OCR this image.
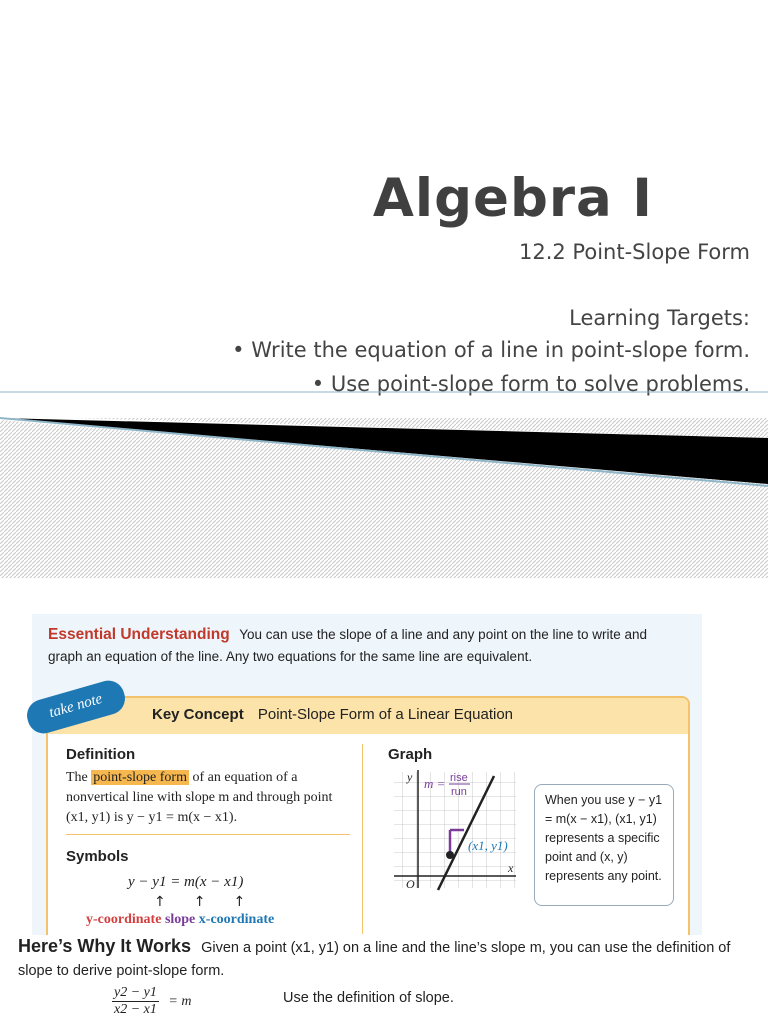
Algebra I
12.2 Point-Slope Form
Learning Targets:
• Write the equation of a line in point-slope form.
• Use point-slope form to solve problems.
Essential Understanding You can use the slope of a line and any point on the line to write and graph an equation of the line. Any two equations for the same line are equivalent.
Key Concept Point-Slope Form of a Linear Equation
take note
Definition
The point-slope form of an equation of a nonvertical line with slope m and through point (x1, y1) is y − y1 = m(x − x1).
Symbols
y − y1 = m(x − x1)
↑↑↑
y-coordinate slope x-coordinate
Graph
m = rise
run
(x1, y1)
x
y
O
When you use y − y1 = m(x − x1), (x1, y1) represents a specific point and (x, y) represents any point.
Here’s Why It Works Given a point (x1, y1) on a line and the line’s slope m, you can use the definition of slope to derive point-slope form.
$\frac{y2 - y1}{x2 - x1} = m$	Use the definition of slope.
